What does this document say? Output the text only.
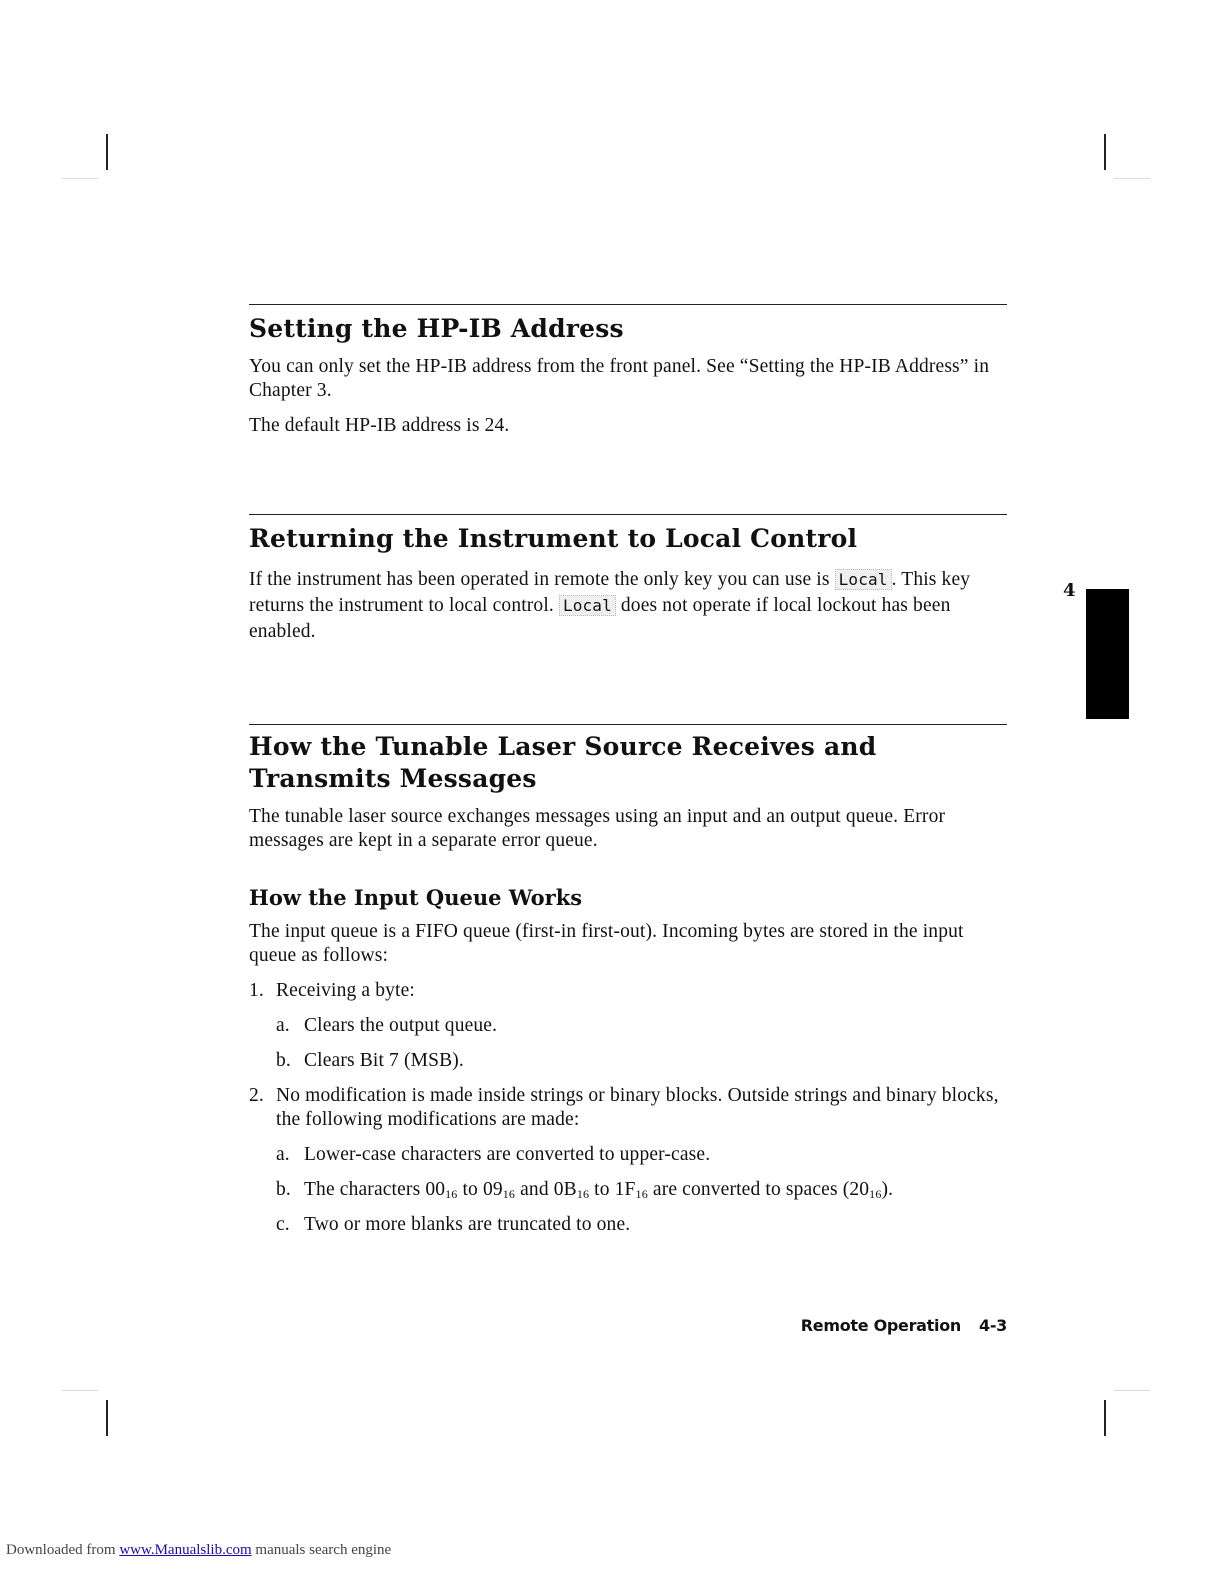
Setting the HP-IB Address

You can only set the HP-IB address from the front panel. See “Setting the HP-IB Address” in Chapter 3.

The default HP-IB address is 24.

Returning the Instrument to Local Control

If the instrument has been operated in remote the only key you can use is Local . This key returns the instrument to local control. Local does not operate if local lockout has been enabled.

How the Tunable Laser Source Receives and Transmits Messages

The tunable laser source exchanges messages using an input and an output queue. Error messages are kept in a separate error queue.

How the Input Queue Works

The input queue is a FIFO queue (first-in first-out). Incoming bytes are stored in the input queue as follows:

1. Receiving a byte:

a. Clears the output queue.

b. Clears Bit 7 (MSB).

2. No modification is made inside strings or binary blocks. Outside strings and binary blocks, the following modifications are made:

a. Lower-case characters are converted to upper-case.

b. The characters $00_{16}$ to $09_{16}$ and $0B_{16}$ to $1F_{16}$ are converted to spaces $(20_{16})$.

c. Two or more blanks are truncated to one.

4
Remote Operation 4-3
Downloaded from www.Manualslib.com manuals search engine
